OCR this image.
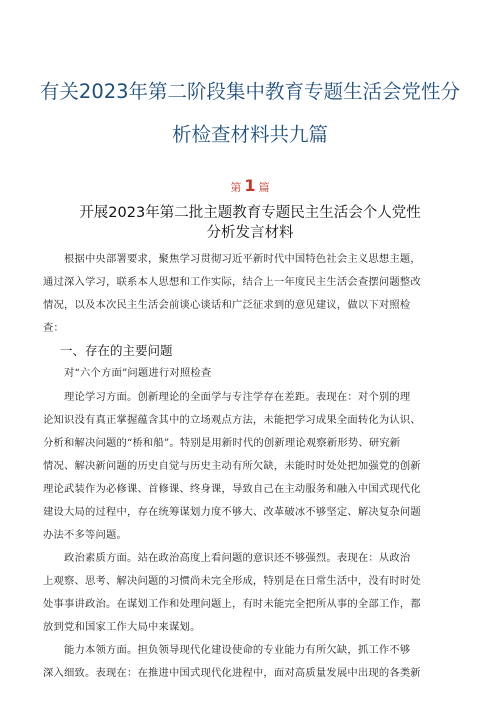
有关2023年第二阶段集中教育专题生活会党性分
析检查材料共九篇
第 1 篇
开展2023年第二批主题教育专题民主生活会个人党性
分析发言材料
　　根据中央部署要求，聚焦学习贯彻习近平新时代中国特色社会主义思想主题，
通过深入学习，联系本人思想和工作实际，结合上一年度民主生活会查摆问题整改
情况，以及本次民主生活会前谈心谈话和广泛征求到的意见建议，做以下对照检
查：
一、存在的主要问题
　　对“六个方面”问题进行对照检查
　　理论学习方面。创新理论的全面学与专注学存在差距。表现在：对个别的理
论知识没有真正掌握蕴含其中的立场观点方法，未能把学习成果全面转化为认识、
分析和解决问题的“桥和船”。特别是用新时代的创新理论观察新形势、研究新
情况、解决新问题的历史自觉与历史主动有所欠缺，未能时时处处把加强党的创新
理论武装作为必修课、首修课、终身课，导致自己在主动服务和融入中国式现代化
建设大局的过程中，存在统筹谋划力度不够大、改革破冰不够坚定、解决复杂问题
办法不多等问题。
　　政治素质方面。站在政治高度上看问题的意识还不够强烈。表现在：从政治
上观察、思考、解决问题的习惯尚未完全形成，特别是在日常生活中，没有时时处
处事事讲政治。在谋划工作和处理问题上，有时未能完全把所从事的全部工作，都
放到党和国家工作大局中来谋划。
　　能力本领方面。担负领导现代化建设使命的专业能力有所欠缺，抓工作不够
深入细致。表现在：在推进中国式现代化进程中，面对高质量发展中出现的各类新
